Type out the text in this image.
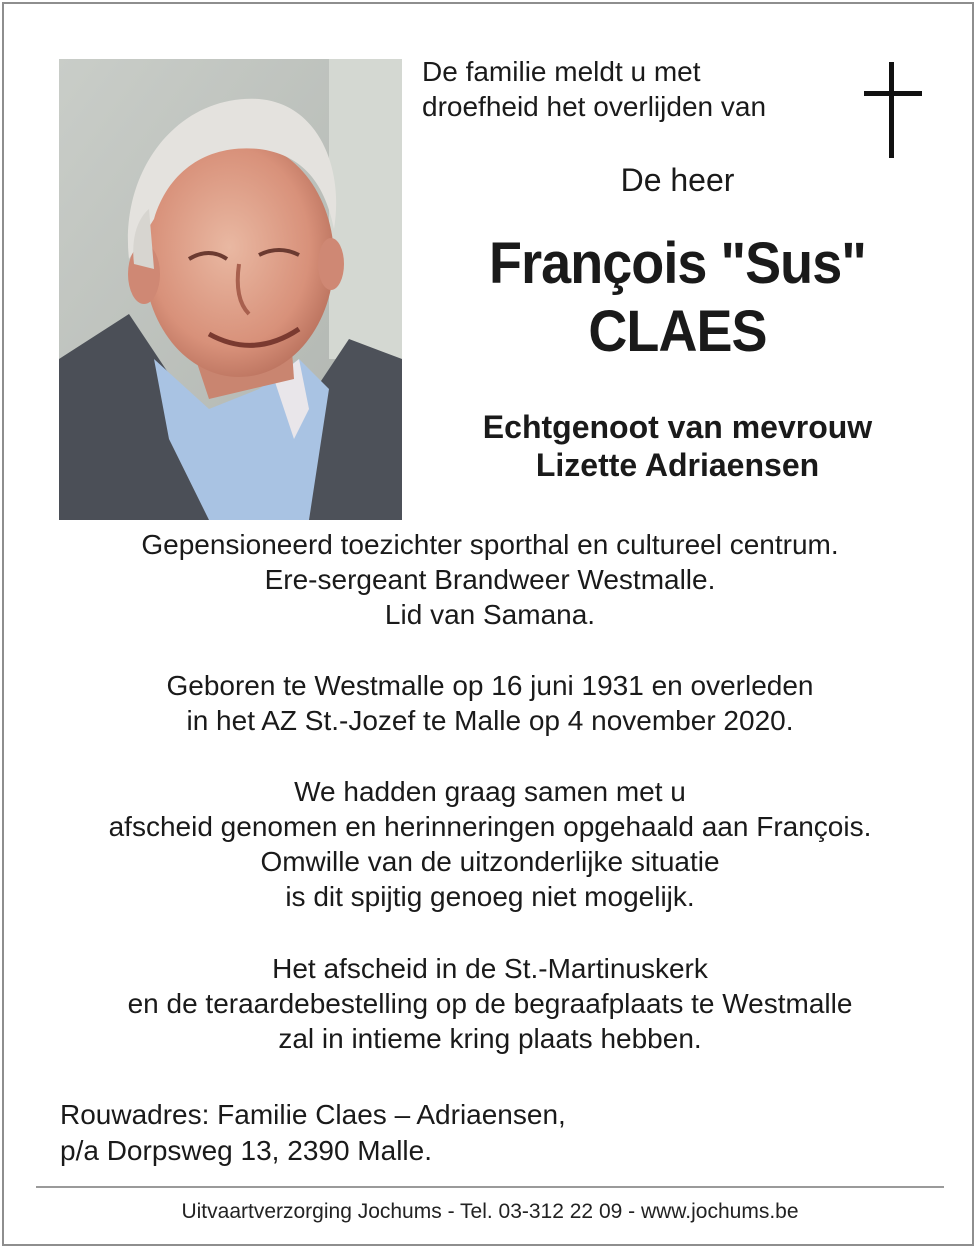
De familie meldt u met
droefheid het overlijden van
De heer
François "Sus"
CLAES
Echtgenoot van mevrouw
Lizette Adriaensen
Gepensioneerd toezichter sporthal en cultureel centrum.
Ere-sergeant Brandweer Westmalle.
Lid van Samana.
Geboren te Westmalle op 16 juni 1931 en overleden
in het AZ St.-Jozef te Malle op 4 november 2020.
We hadden graag samen met u
afscheid genomen en herinneringen opgehaald aan François.
Omwille van de uitzonderlijke situatie
is dit spijtig genoeg niet mogelijk.
Het afscheid in de St.-Martinuskerk
en de teraardebestelling op de begraafplaats te Westmalle
zal in intieme kring plaats hebben.
Rouwadres: Familie Claes – Adriaensen,
p/a Dorpsweg 13, 2390 Malle.
Uitvaartverzorging Jochums - Tel. 03-312 22 09 - www.jochums.be
